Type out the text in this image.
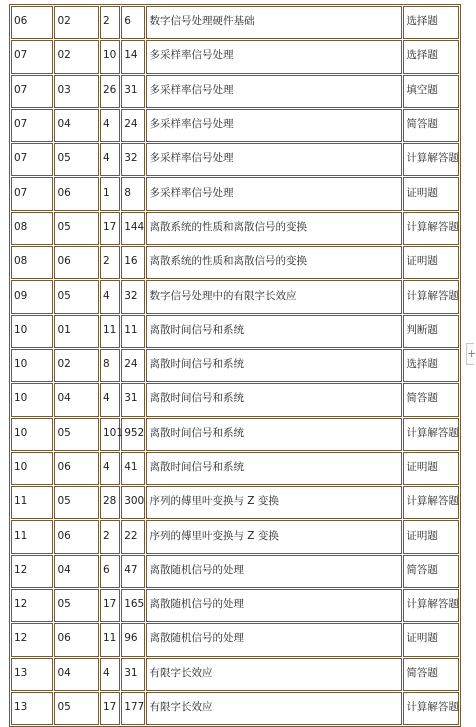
06	02	2	6	数字信号处理硬件基础	选择题
07	02	10	14	多采样率信号处理	选择题
07	03	26	31	多采样率信号处理	填空题
07	04	4	24	多采样率信号处理	简答题
07	05	4	32	多采样率信号处理	计算解答题
07	06	1	8	多采样率信号处理	证明题
08	05	17	144	离散系统的性质和离散信号的变换	计算解答题
08	06	2	16	离散系统的性质和离散信号的变换	证明题
09	05	4	32	数字信号处理中的有限字长效应	计算解答题
10	01	11	11	离散时间信号和系统	判断题
10	02	8	24	离散时间信号和系统	选择题
10	04	4	31	离散时间信号和系统	简答题
10	05	101	952	离散时间信号和系统	计算解答题
10	06	4	41	离散时间信号和系统	证明题
11	05	28	300	序列的傅里叶变换与 Z 变换	计算解答题
11	06	2	22	序列的傅里叶变换与 Z 变换	证明题
12	04	6	47	离散随机信号的处理	简答题
12	05	17	165	离散随机信号的处理	计算解答题
12	06	11	96	离散随机信号的处理	证明题
13	04	4	31	有限字长效应	简答题
13	05	17	177	有限字长效应	计算解答题
+
